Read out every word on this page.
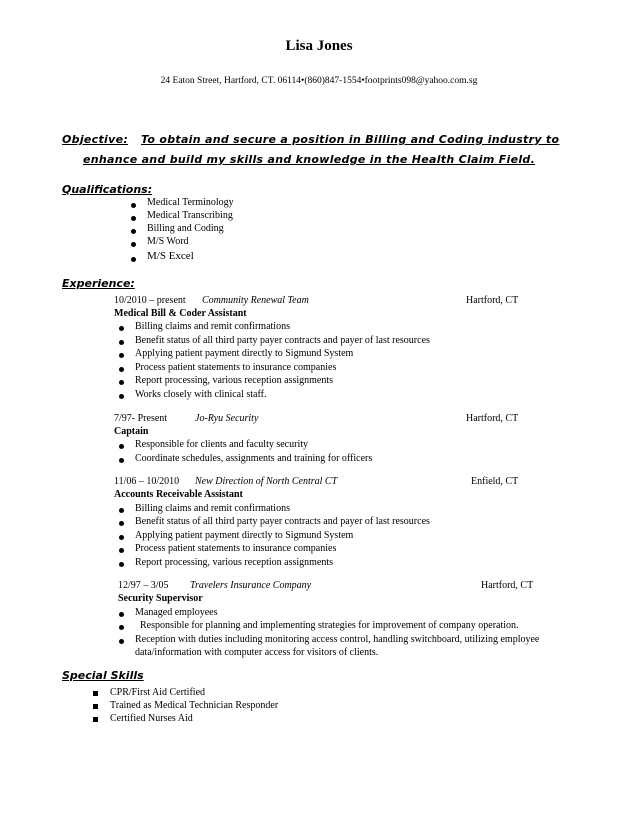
Lisa Jones
24 Eaton Street, Hartford, CT. 06114•(860)847-1554•footprints098@yahoo.com.sg
Objective: To obtain and secure a position in Billing and Coding industry to
enhance and build my skills and knowledge in the Health Claim Field.
Qualifications:
Medical Terminology
Medical Transcribing
Billing and Coding
M/S Word
M/S Excel
Experience:
10/2010 – present Community Renewal Team	Hartford, CT
Medical Bill & Coder Assistant
Billing claims and remit confirmations
Benefit status of all third party payer contracts and payer of last resources
Applying patient payment directly to Sigmund System
Process patient statements to insurance companies
Report processing, various reception assignments
Works closely with clinical staff.
7/97- Present	Jo-Ryu Security	Hartford, CT
Captain
Responsible for clients and faculty security
Coordinate schedules, assignments and training for officers
11/06 – 10/2010 New Direction of North Central CT	Enfield, CT
Accounts Receivable Assistant
Billing claims and remit confirmations
Benefit status of all third party payer contracts and payer of last resources
Applying patient payment directly to Sigmund System
Process patient statements to insurance companies
Report processing, various reception assignments
12/97 – 3/05 Travelers Insurance Company	Hartford, CT
Security Supervisor
Managed employees
Responsible for planning and implementing strategies for improvement of company operation.
Reception with duties including monitoring access control, handling switchboard, utilizing employee
data/information with computer access for visitors of clients.
Special Skills
CPR/First Aid Certified
Trained as Medical Technician Responder
Certified Nurses Aid
